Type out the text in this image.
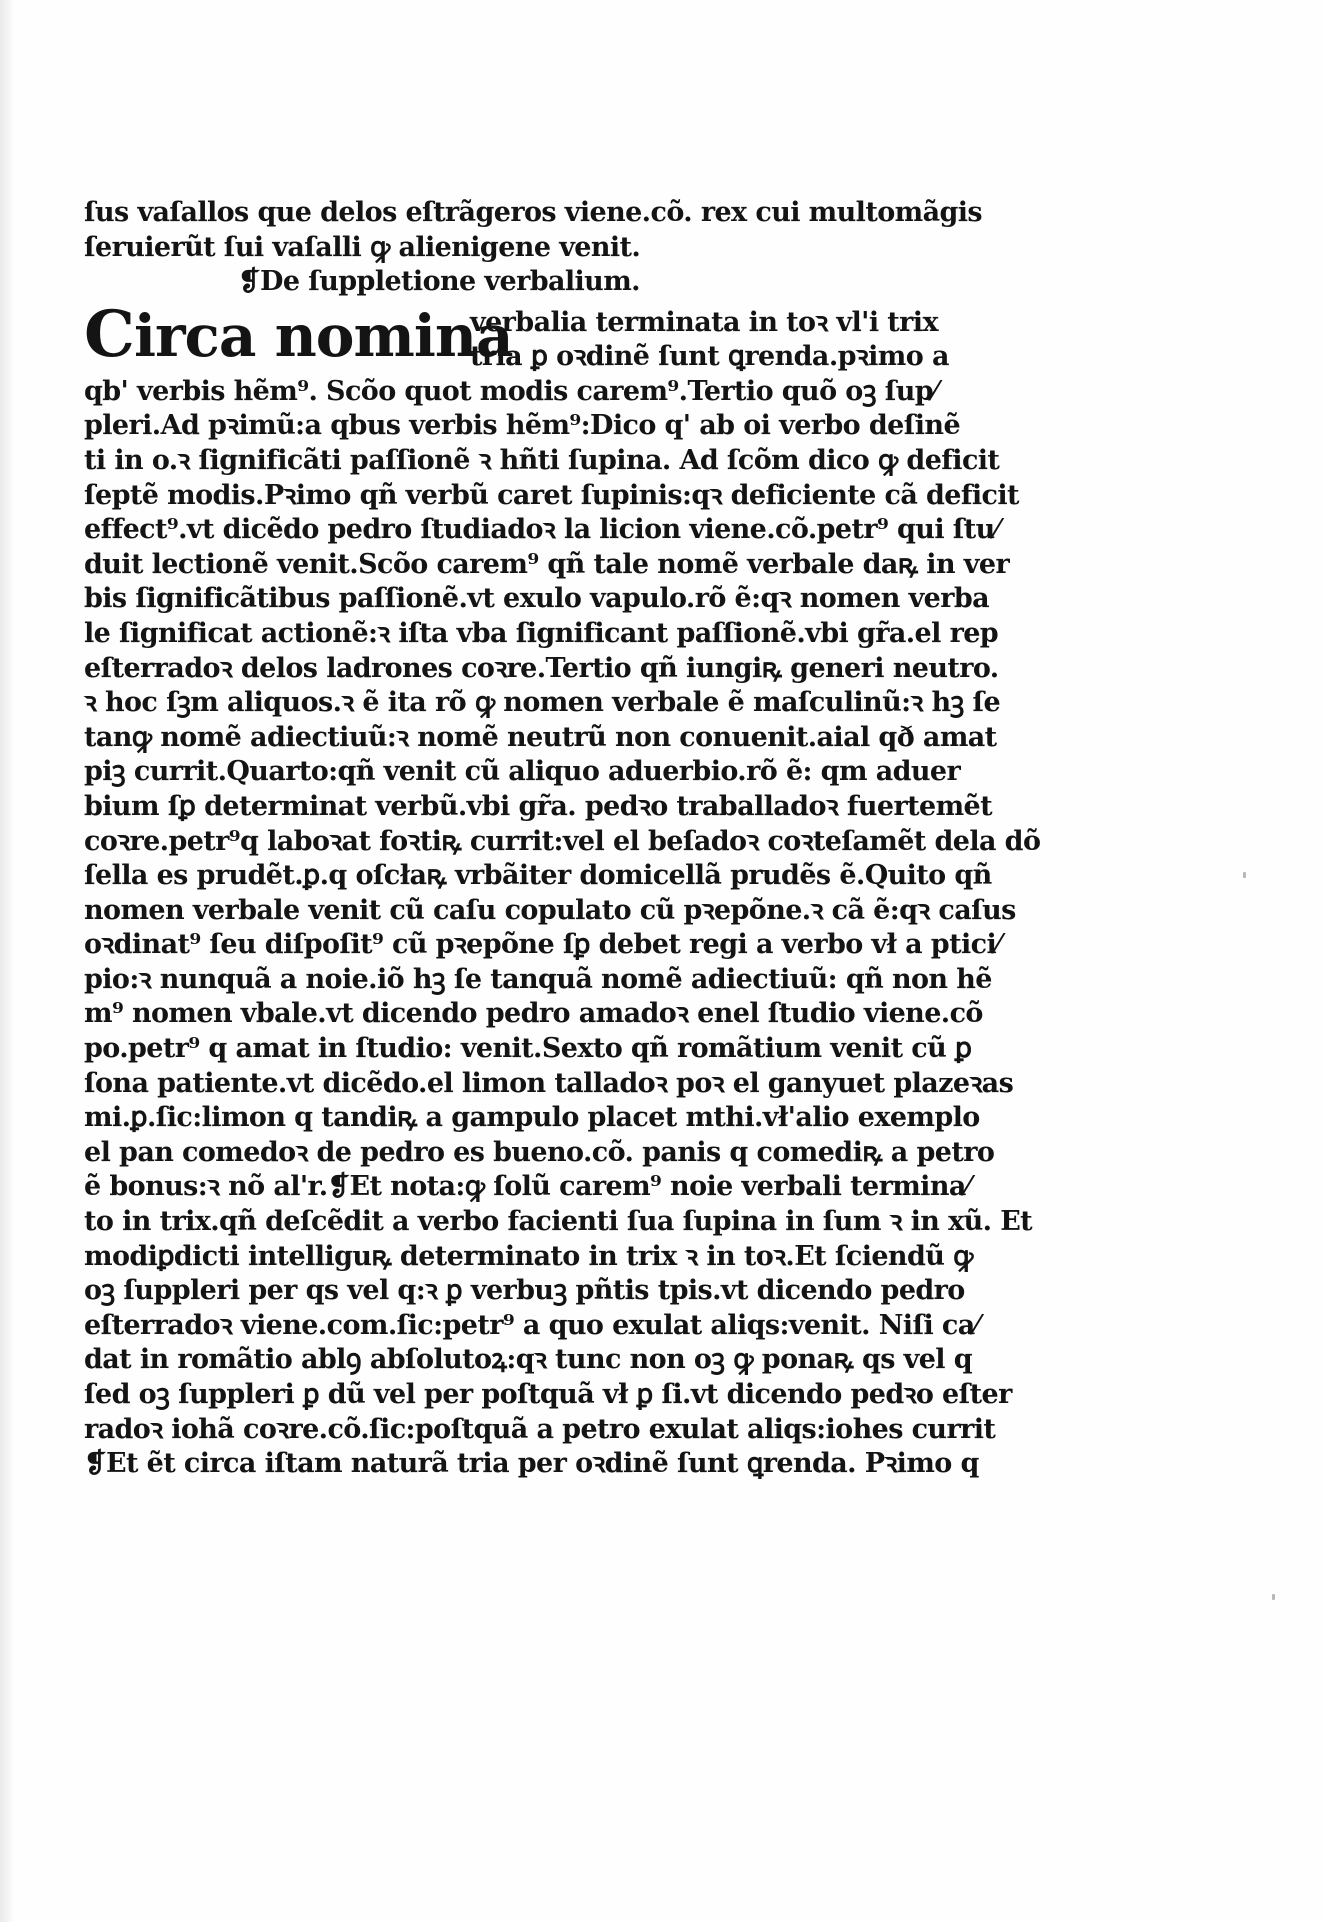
ſus vaſallos que delos eſtrãgeros viene.cõ. rex cui multomãgis
ſeruierũt ſui vaſalli ꝙ alienigene venit.
❡De ſuppletione verbalium.
Circa nomina
verbalia terminata in toꝛ vl'i trix
tria ꝑ oꝛdinẽ ſunt ꝗrenda.pꝛimo a
qb' verbis hẽm⁹. Scõo quot modis carem⁹.Tertio quõ oꝫ ſup⁄
pleri.Ad pꝛimũ:a qbus verbis hẽm⁹:Dico q' ab oi verbo deſinẽ
ti in o.ꝛ ſignificãti paſſionẽ ꝛ hñti ſupina. Ad ſcõm dico ꝙ deficit
ſeptẽ modis.Pꝛimo qñ verbũ caret ſupinis:qꝛ deficiente cã deficit
effect⁹.vt dicẽdo pedro ſtudiadoꝛ la licion viene.cõ.petr⁹ qui ſtu⁄
duit lectionẽ venit.Scõo carem⁹ qñ tale nomẽ verbale daꝶ in ver
bis ſignificãtibus paſſionẽ.vt exulo vapulo.rõ ẽ:qꝛ nomen verba
le ſignificat actionẽ:ꝛ iſta vba ſignificant paſſionẽ.vbi gr̃a.el rep
eſterradoꝛ delos ladrones coꝛre.Tertio qñ iungiꝶ generi neutro.
ꝛ hoc ſꝫm aliquos.ꝛ ẽ ita rõ ꝙ nomen verbale ẽ maſculinũ:ꝛ hꝫ ſe
tanꝙ nomẽ adiectiuũ:ꝛ nomẽ neutrũ non conuenit.aial qð amat
piꝫ currit.Quarto:qñ venit cũ aliquo aduerbio.rõ ẽ: qm aduer
bium ſꝑ determinat verbũ.vbi gr̃a. pedꝛo traballadoꝛ fuertemẽt
coꝛre.petr⁹q laboꝛat foꝛtiꝶ currit:vel el beſadoꝛ coꝛteſamẽt dela dõ
ſella es prudẽt.ꝑ.q oſcłaꝶ vrbãiter domicellã prudẽs ẽ.Quito qñ
nomen verbale venit cũ caſu copulato cũ pꝛepõne.ꝛ cã ẽ:qꝛ caſus
oꝛdinat⁹ ſeu diſpoſit⁹ cũ pꝛepõne ſꝑ debet regi a verbo vł a ptici⁄
pio:ꝛ nunquã a noie.iõ hꝫ ſe tanquã nomẽ adiectiuũ: qñ non hẽ
m⁹ nomen vbale.vt dicendo pedro amadoꝛ enel ſtudio viene.cõ
po.petr⁹ q amat in ſtudio: venit.Sexto qñ romãtium venit cũ ꝑ
ſona patiente.vt dicẽdo.el limon talladoꝛ poꝛ el ganyuet plazeꝛas
mi.ꝑ.ſic:limon q tandiꝶ a gampulo placet mthi.vł'alio exemplo
el pan comedoꝛ de pedro es bueno.cõ. panis q comediꝶ a petro
ẽ bonus:ꝛ nõ al'r.❡Et nota:ꝙ ſolũ carem⁹ noie verbali termina⁄
to in trix.qñ deſcẽdit a verbo facienti ſua ſupina in ſum ꝛ in xũ. Et
modiꝑdicti intelliguꝶ determinato in trix ꝛ in toꝛ.Et ſciendũ ꝙ
oꝫ ſuppleri per qs vel q:ꝛ ꝑ verbuꝫ pñtis tpis.vt dicendo pedro
eſterradoꝛ viene.com.ſic:petr⁹ a quo exulat aliqs:venit. Niſi ca⁄
dat in romãtio ablꝯ abſolutoꝝ:qꝛ tunc non oꝫ ꝙ ponaꝶ qs vel q
ſed oꝫ ſuppleri ꝑ dũ vel per poſtquã vł ꝑ ſi.vt dicendo pedꝛo eſter
radoꝛ iohã coꝛre.cõ.ſic:poſtquã a petro exulat aliqs:iohes currit
❡Et ẽt circa iſtam naturã tria per oꝛdinẽ ſunt ꝗrenda. Pꝛimo q
